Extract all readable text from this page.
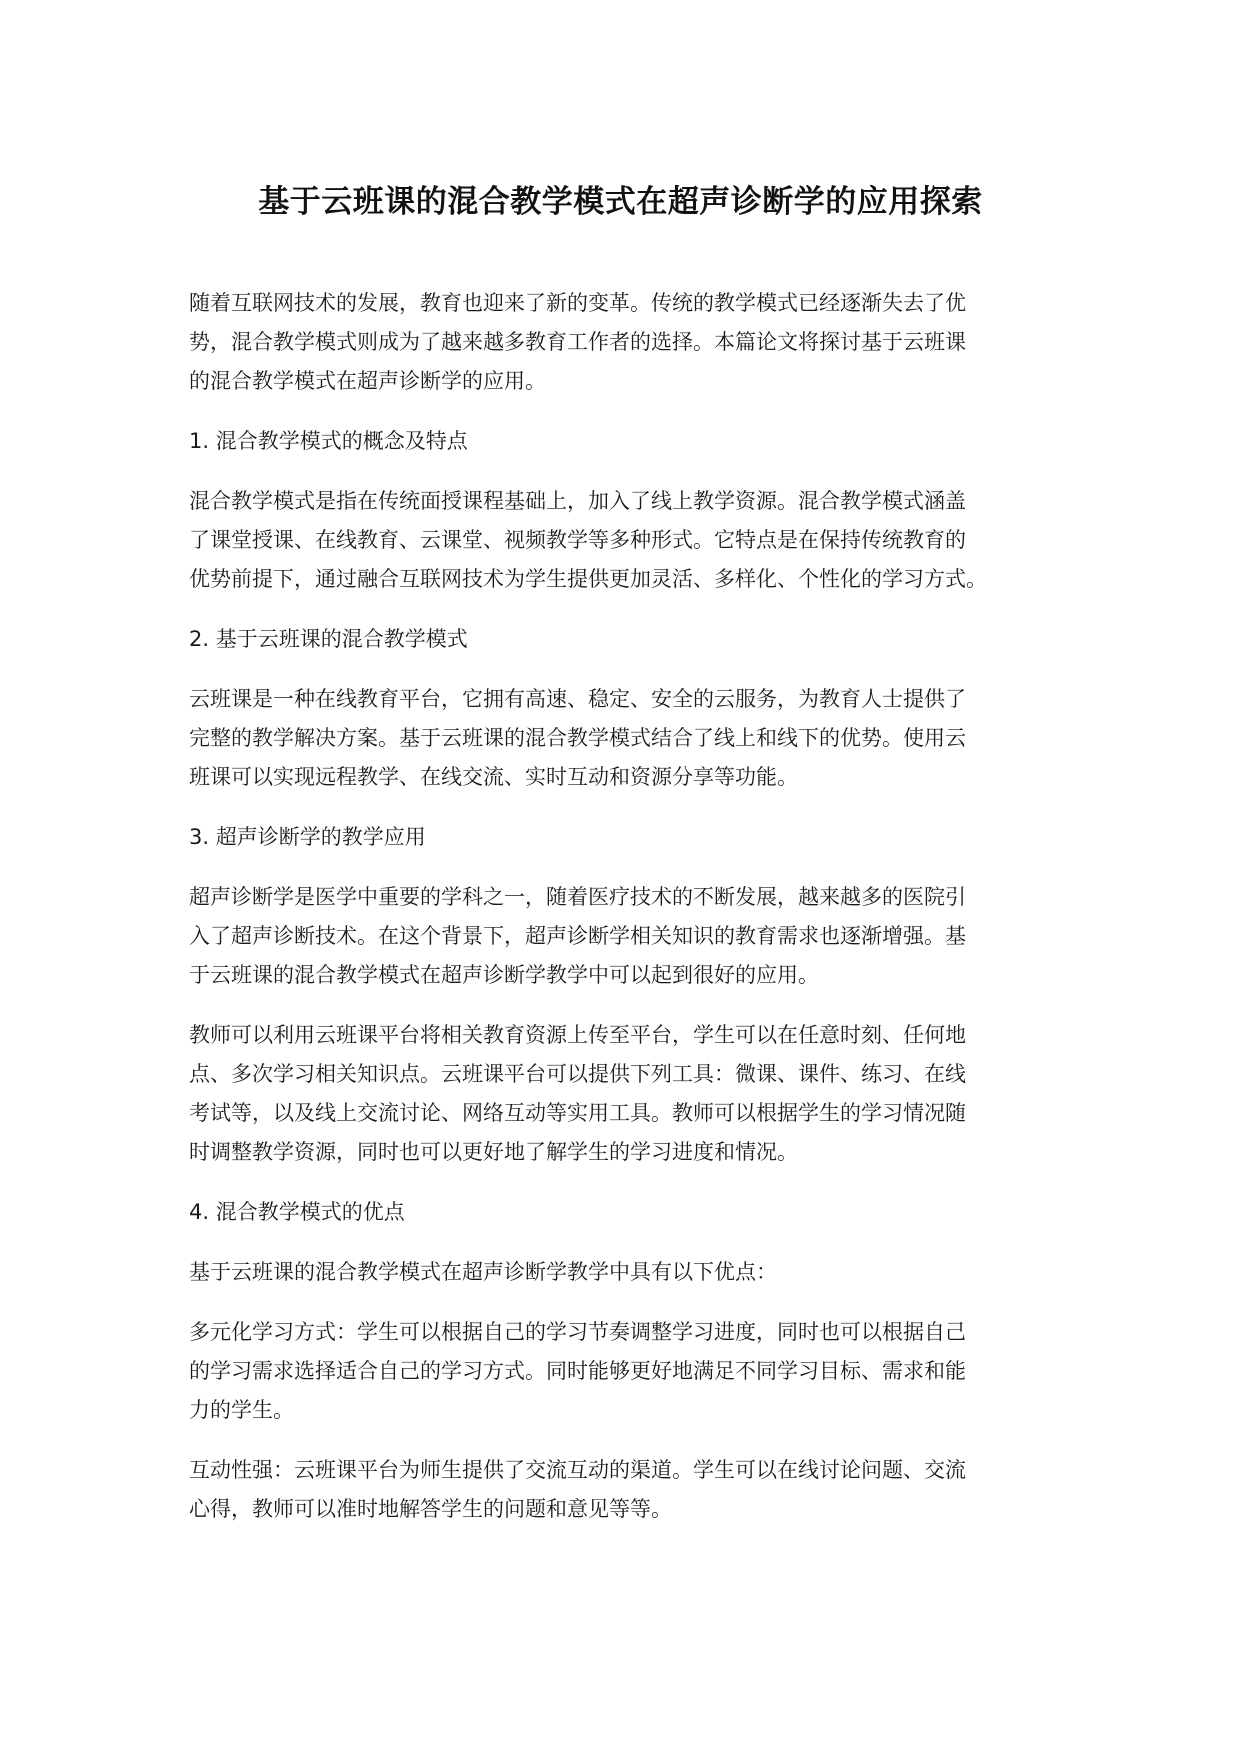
基于云班课的混合教学模式在超声诊断学的应用探索
随着互联网技术的发展，教育也迎来了新的变革。传统的教学模式已经逐渐失去了优
势，混合教学模式则成为了越来越多教育工作者的选择。本篇论文将探讨基于云班课
的混合教学模式在超声诊断学的应用。
1. 混合教学模式的概念及特点
混合教学模式是指在传统面授课程基础上，加入了线上教学资源。混合教学模式涵盖
了课堂授课、在线教育、云课堂、视频教学等多种形式。它特点是在保持传统教育的
优势前提下，通过融合互联网技术为学生提供更加灵活、多样化、个性化的学习方式。
2. 基于云班课的混合教学模式
云班课是一种在线教育平台，它拥有高速、稳定、安全的云服务，为教育人士提供了
完整的教学解决方案。基于云班课的混合教学模式结合了线上和线下的优势。使用云
班课可以实现远程教学、在线交流、实时互动和资源分享等功能。
3. 超声诊断学的教学应用
超声诊断学是医学中重要的学科之一，随着医疗技术的不断发展，越来越多的医院引
入了超声诊断技术。在这个背景下，超声诊断学相关知识的教育需求也逐渐增强。基
于云班课的混合教学模式在超声诊断学教学中可以起到很好的应用。
教师可以利用云班课平台将相关教育资源上传至平台，学生可以在任意时刻、任何地
点、多次学习相关知识点。云班课平台可以提供下列工具：微课、课件、练习、在线
考试等，以及线上交流讨论、网络互动等实用工具。教师可以根据学生的学习情况随
时调整教学资源，同时也可以更好地了解学生的学习进度和情况。
4. 混合教学模式的优点
基于云班课的混合教学模式在超声诊断学教学中具有以下优点：
多元化学习方式：学生可以根据自己的学习节奏调整学习进度，同时也可以根据自己
的学习需求选择适合自己的学习方式。同时能够更好地满足不同学习目标、需求和能
力的学生。
互动性强：云班课平台为师生提供了交流互动的渠道。学生可以在线讨论问题、交流
心得，教师可以准时地解答学生的问题和意见等等。
